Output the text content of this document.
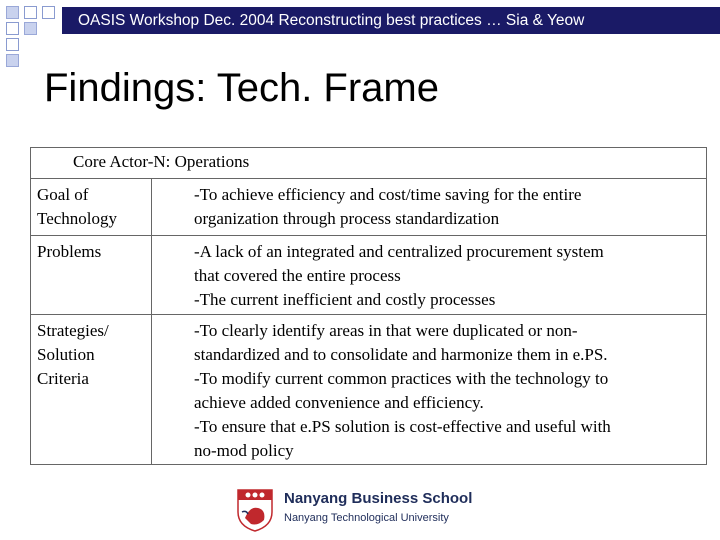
OASIS Workshop Dec. 2004 Reconstructing best practices … Sia & Yeow
Findings: Tech. Frame
Core Actor-N: Operations
Goal of
Technology
-To achieve efficiency and cost/time saving for the entire
organization through process standardization
Problems	-A lack of an integrated and centralized procurement system
that covered the entire process
-The current inefficient and costly processes
Strategies/
Solution
Criteria
-To clearly identify areas in that were duplicated or non-
standardized and to consolidate and harmonize them in e.PS.
-To modify current common practices with the technology to
achieve added convenience and efficiency.
-To ensure that e.PS solution is cost-effective and useful with
no-mod policy
Nanyang Business School
Nanyang Technological University
